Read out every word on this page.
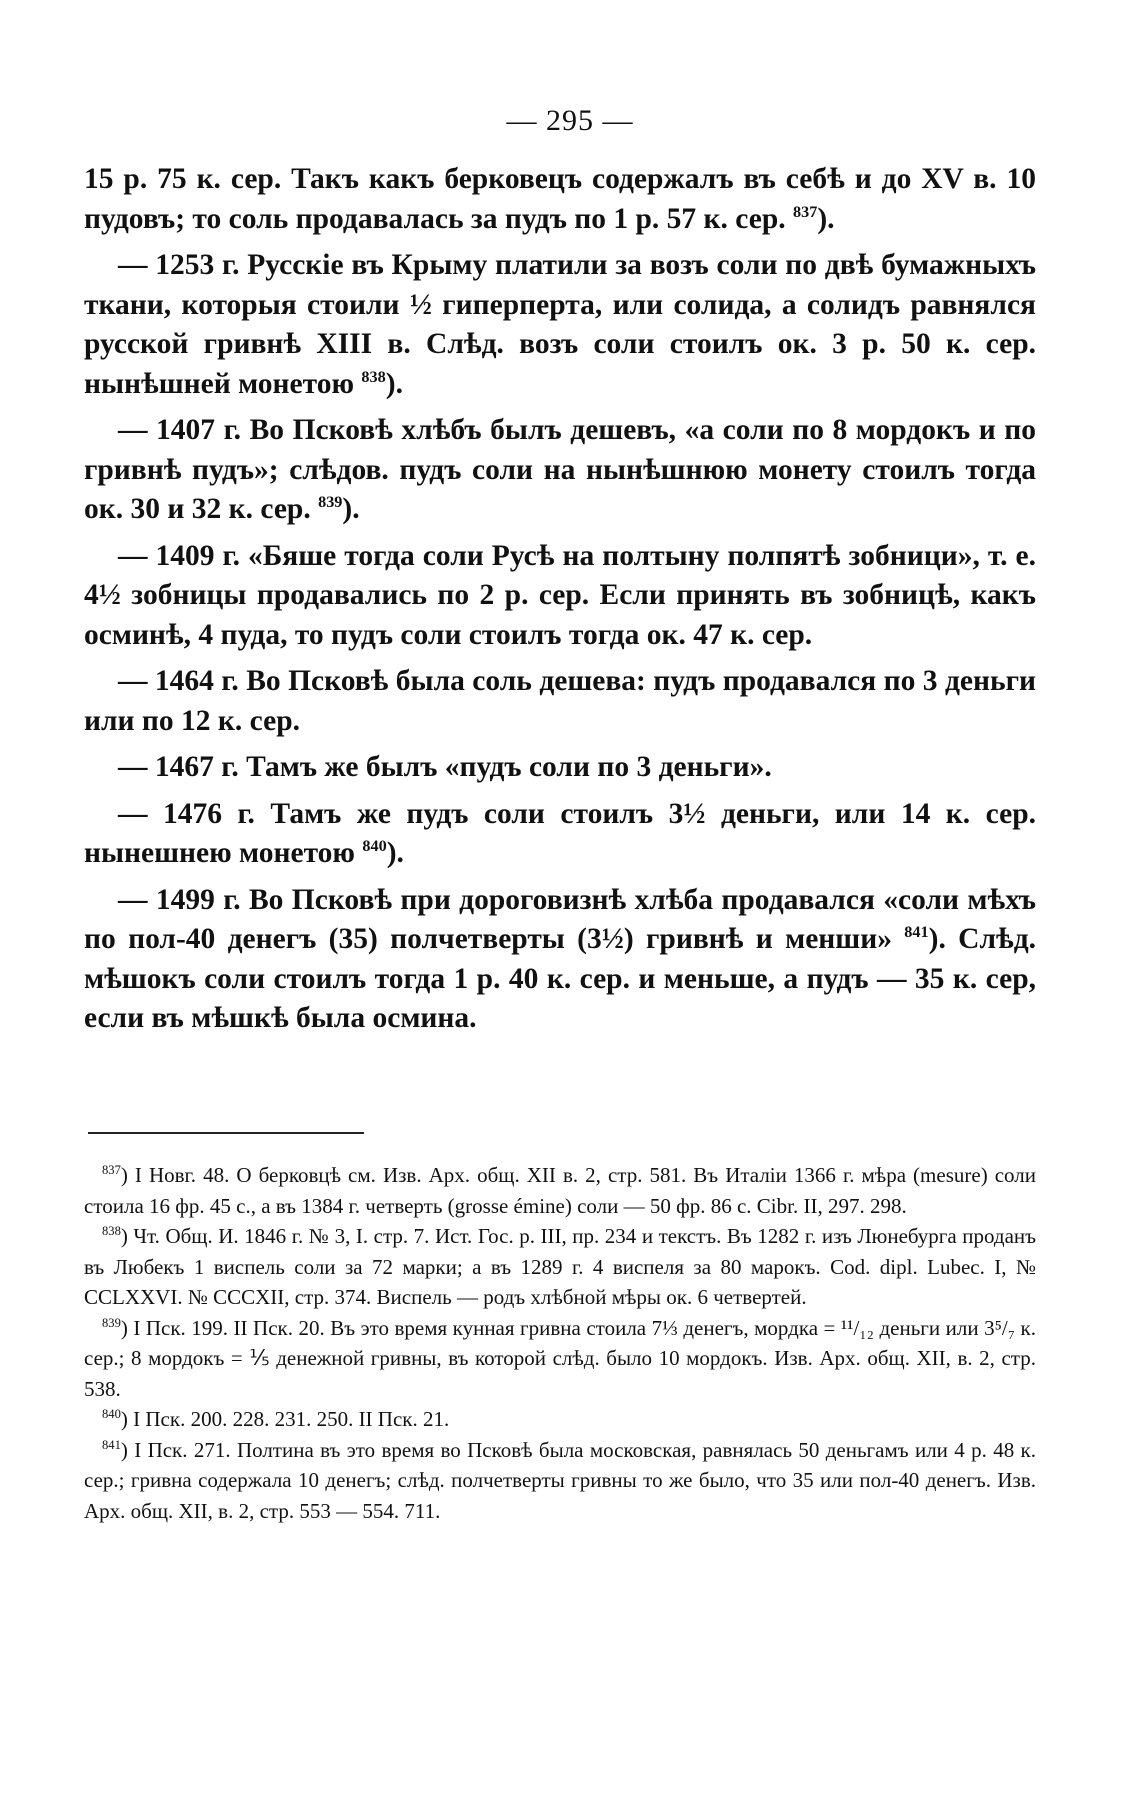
— 295 —

15 р. 75 к. сер. Такъ какъ берковецъ содержалъ въ себѣ и до XV в. 10 пудовъ; то соль продавалась за пудъ по 1 р. 57 к. сер. $^{837}$).

— 1253 г. Русскіе въ Крыму платили за возъ соли по двѣ бумажныхъ ткани, которыя стоили ½ гиперперта, или солида, а солидъ равнялся русской гривнѣ XIII в. Слѣд. возъ соли стоилъ ок. 3 р. 50 к. сер. нынѣшней монетою $^{838}$).

— 1407 г. Во Псковѣ хлѣбъ былъ дешевъ, «а соли по 8 мордокъ и по гривнѣ пудъ»; слѣдов. пудъ соли на нынѣшнюю монету стоилъ тогда ок. 30 и 32 к. сер. $^{839}$).

— 1409 г. «Бяше тогда соли Русѣ на полтыну полпятѣ зобници», т. е. 4½ зобницы продавались по 2 р. сер. Если принять въ зобницѣ, какъ осминѣ, 4 пуда, то пудъ соли стоилъ тогда ок. 47 к. сер.

— 1464 г. Во Псковѣ была соль дешева: пудъ продавался по 3 деньги или по 12 к. сер.

— 1467 г. Тамъ же былъ «пудъ соли по 3 деньги».

— 1476 г. Тамъ же пудъ соли стоилъ 3½ деньги, или 14 к. сер. нынешнею монетою $^{840}$).

— 1499 г. Во Псковѣ при дороговизнѣ хлѣба продавался «соли мѣхъ по пол-40 денегъ (35) полчетверты (3½) гривнѣ и менши» $^{841}$). Слѣд. мѣшокъ соли стоилъ тогда 1 р. 40 к. сер. и меньше, а пудъ — 35 к. сер, если въ мѣшкѣ была осмина.

$^{837}$) I Новг. 48. О берковцѣ см. Изв. Арх. общ. XII в. 2, стр. 581. Въ Италіи 1366 г. мѣра (mesure) соли стоила 16 фр. 45 с., а въ 1384 г. четверть (grosse émine) соли — 50 фр. 86 с. Cibr. II, 297. 298.

$^{838}$) Чт. Общ. И. 1846 г. № 3, I. стр. 7. Ист. Гос. р. III, пр. 234 и текстъ. Въ 1282 г. изъ Люнебурга проданъ въ Любекъ 1 виспель соли за 72 марки; а въ 1289 г. 4 виспеля за 80 марокъ. Cod. dipl. Lubec. I, № CCLXXVI. № CCCXII, стр. 374. Виспель — родъ хлѣбной мѣры ок. 6 четвертей.

$^{839}$) I Пск. 199. II Пск. 20. Въ это время кунная гривна стоила 7⅓ денегъ, мордка = ¹¹/₁₂ деньги или 3⁵/₇ к. сер.; 8 мордокъ = ⅕ денежной гривны, въ которой слѣд. было 10 мордокъ. Изв. Арх. общ. XII, в. 2, стр. 538.

$^{840}$) I Пск. 200. 228. 231. 250. II Пск. 21.

$^{841}$) I Пск. 271. Полтина въ это время во Псковѣ была московская, равнялась 50 деньгамъ или 4 р. 48 к. сер.; гривна содержала 10 денегъ; слѣд. полчетверты гривны то же было, что 35 или пол-40 денегъ. Изв. Арх. общ. XII, в. 2, стр. 553 — 554. 711.
